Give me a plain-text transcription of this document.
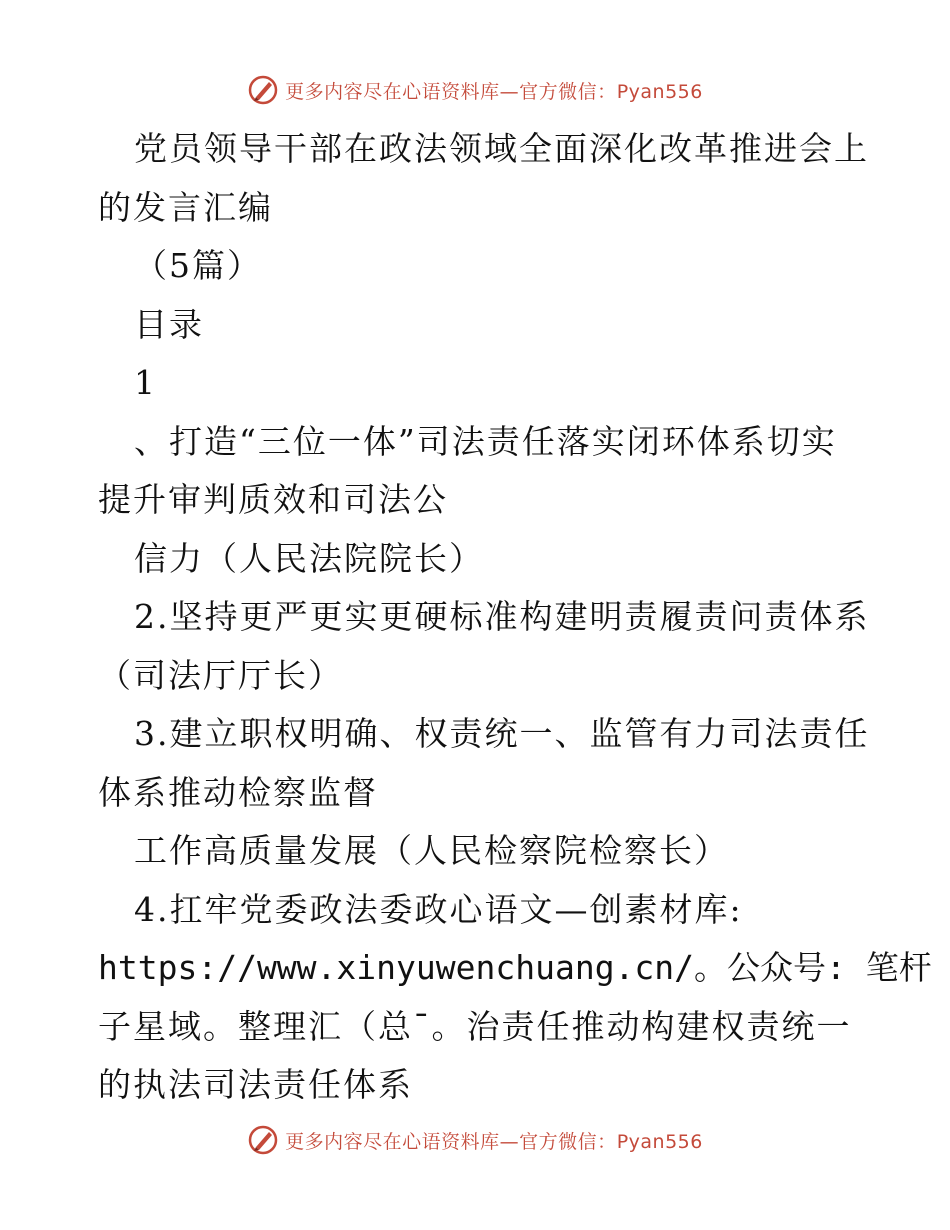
更多内容尽在心语资料库—官方微信：Pyan556
党员领导干部在政法领域全面深化改革推进会上
的发言汇编
（5篇）
目录
1
、打造“三位一体”司法责任落实闭环体系切实
提升审判质效和司法公
信力（人民法院院长）
2.坚持更严更实更硬标准构建明责履责问责体系
（司法厅厅长）
3.建立职权明确、权责统一、监管有力司法责任
体系推动检察监督
工作高质量发展（人民检察院检察长）
4.扛牢党委政法委政心语文—创素材库:
https://www.xinyuwenchuang.cn/。公众号: 笔杆
子星域。整理汇（总¯。治责任推动构建权责统一
的执法司法责任体系
更多内容尽在心语资料库—官方微信：Pyan556
